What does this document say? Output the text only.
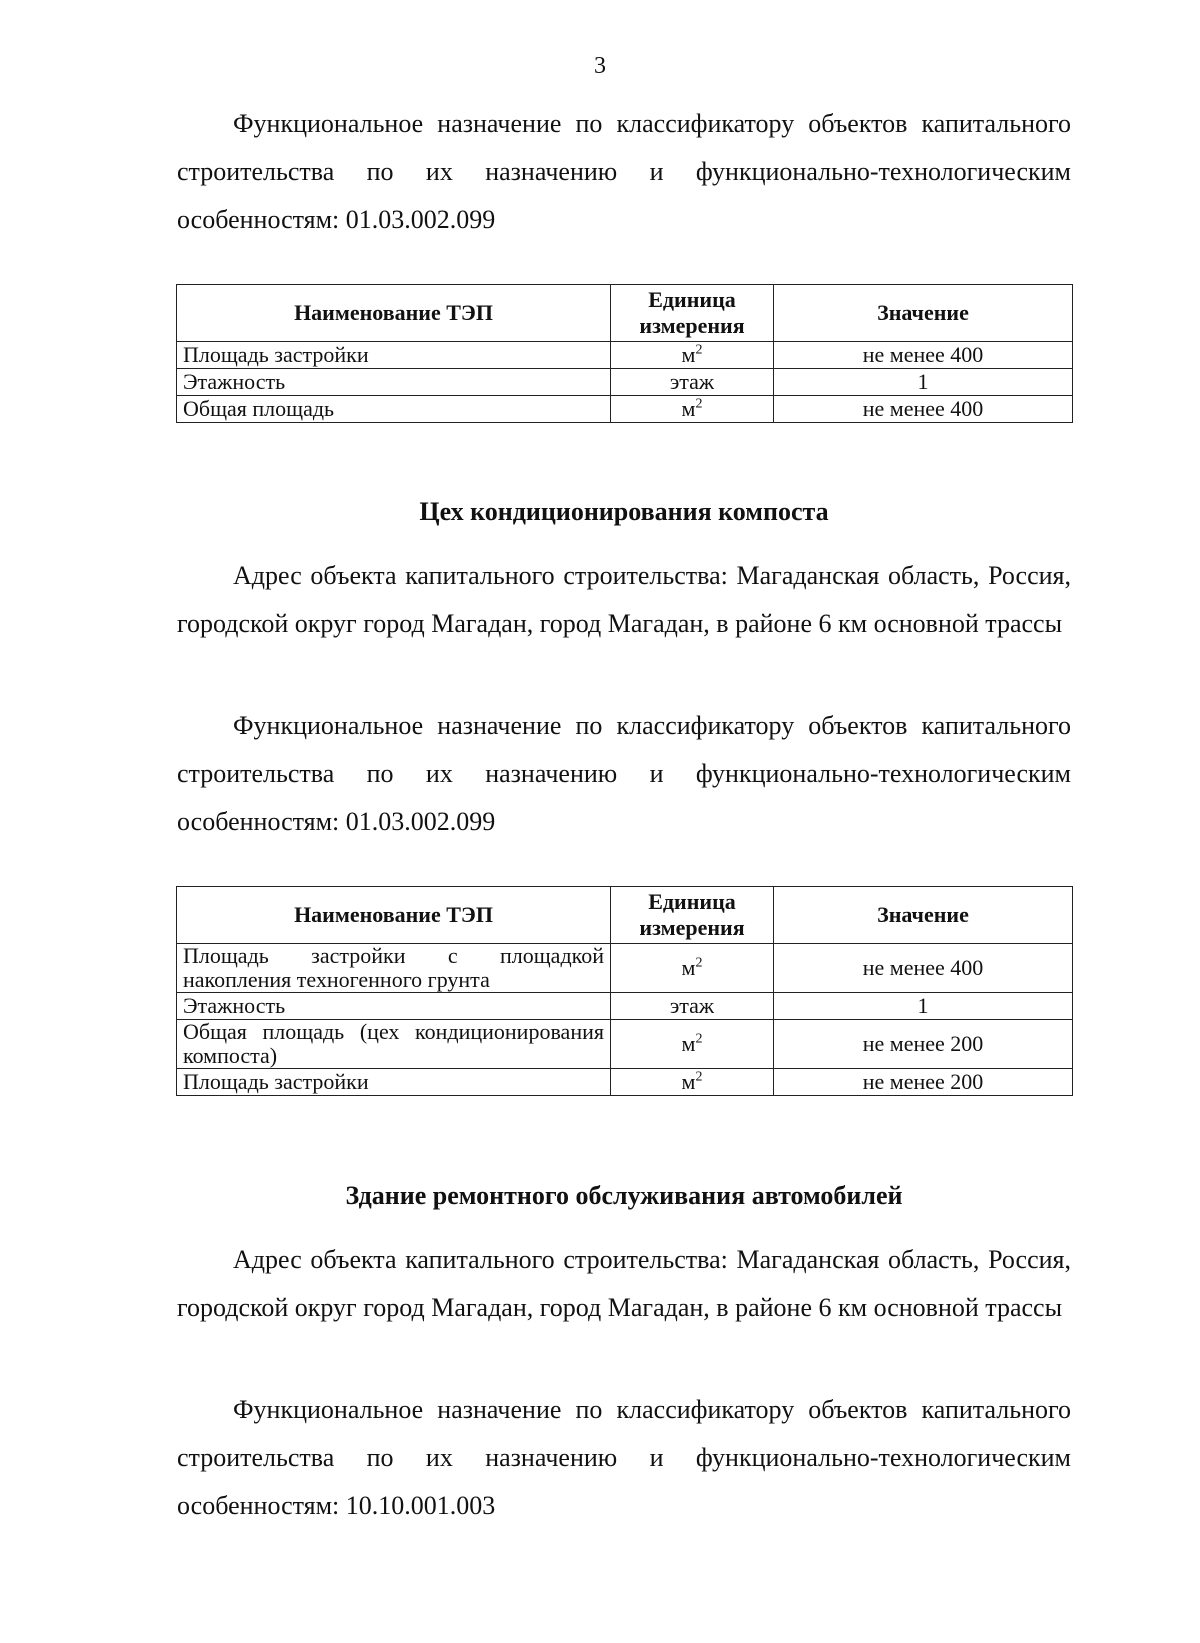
3

Функциональное назначение по классификатору объектов капитального строительства по их назначению и функционально-технологическим особенностям: 01.03.002.099

Наименование ТЭП	Единица измерения	Значение
Площадь застройки	$м^2$	не менее 400
Этажность	этаж	1
Общая площадь	$м^2$	не менее 400
Цех кондиционирования компоста

Адрес объекта капитального строительства: Магаданская область, Россия, городской округ город Магадан, город Магадан, в районе 6 км основной трассы

Функциональное назначение по классификатору объектов капитального строительства по их назначению и функционально-технологическим особенностям: 01.03.002.099

Наименование ТЭП	Единица измерения	Значение
Площадь застройки с площадкой накопления техногенного грунта	$м^2$	не менее 400
Этажность	этаж	1
Общая площадь (цех кондиционирования компоста)	$м^2$	не менее 200
Площадь застройки	$м^2$	не менее 200
Здание ремонтного обслуживания автомобилей

Адрес объекта капитального строительства: Магаданская область, Россия, городской округ город Магадан, город Магадан, в районе 6 км основной трассы

Функциональное назначение по классификатору объектов капитального строительства по их назначению и функционально-технологическим особенностям: 10.10.001.003
